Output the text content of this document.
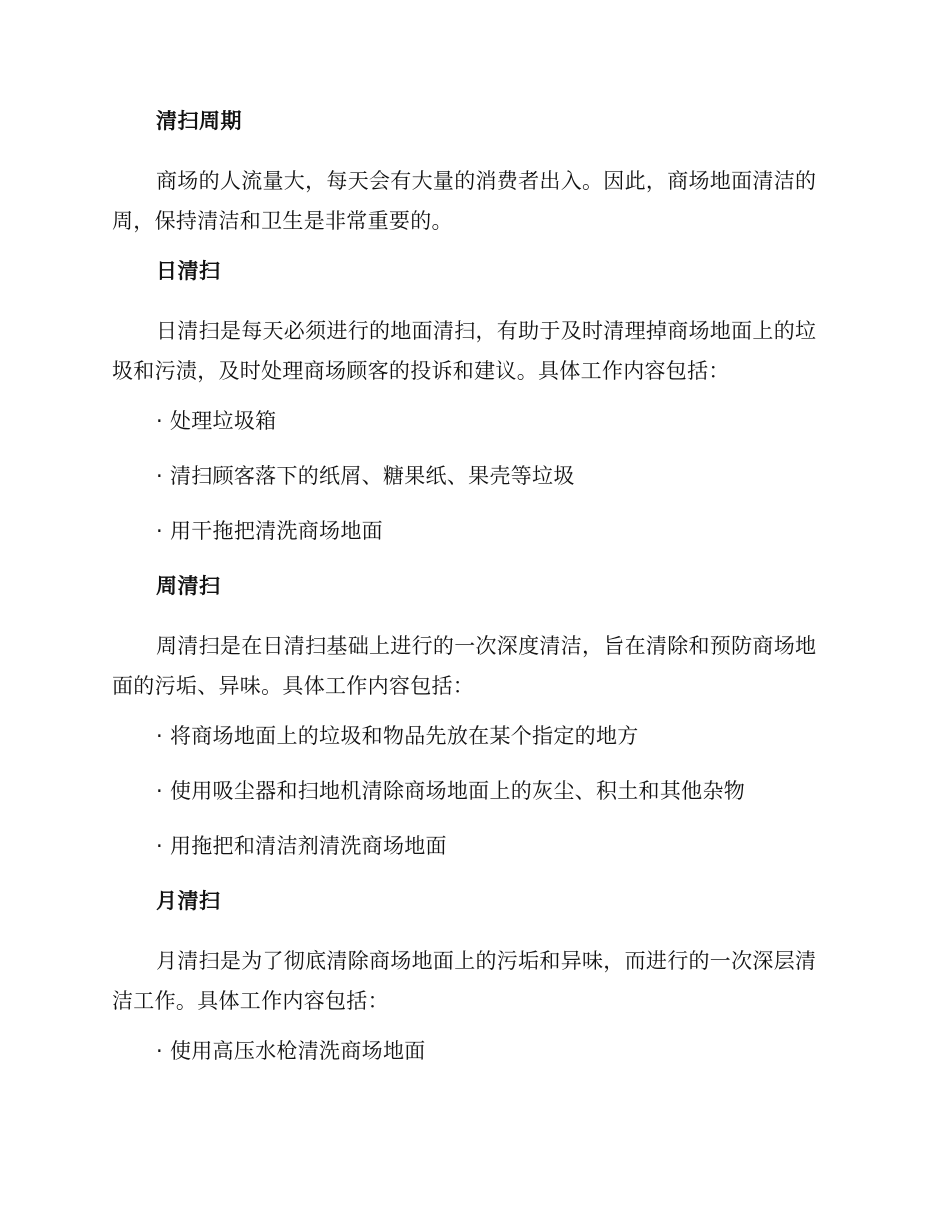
清扫周期

商场的人流量大，每天会有大量的消费者出入。因此，商场地面清洁的周，保持清洁和卫生是非常重要的。

日清扫

日清扫是每天必须进行的地面清扫，有助于及时清理掉商场地面上的垃圾和污渍，及时处理商场顾客的投诉和建议。具体工作内容包括：

· 处理垃圾箱
· 清扫顾客落下的纸屑、糖果纸、果壳等垃圾
· 用干拖把清洗商场地面
周清扫

周清扫是在日清扫基础上进行的一次深度清洁，旨在清除和预防商场地面的污垢、异味。具体工作内容包括：

· 将商场地面上的垃圾和物品先放在某个指定的地方
· 使用吸尘器和扫地机清除商场地面上的灰尘、积土和其他杂物
· 用拖把和清洁剂清洗商场地面
月清扫

月清扫是为了彻底清除商场地面上的污垢和异味，而进行的一次深层清洁工作。具体工作内容包括：

· 使用高压水枪清洗商场地面
